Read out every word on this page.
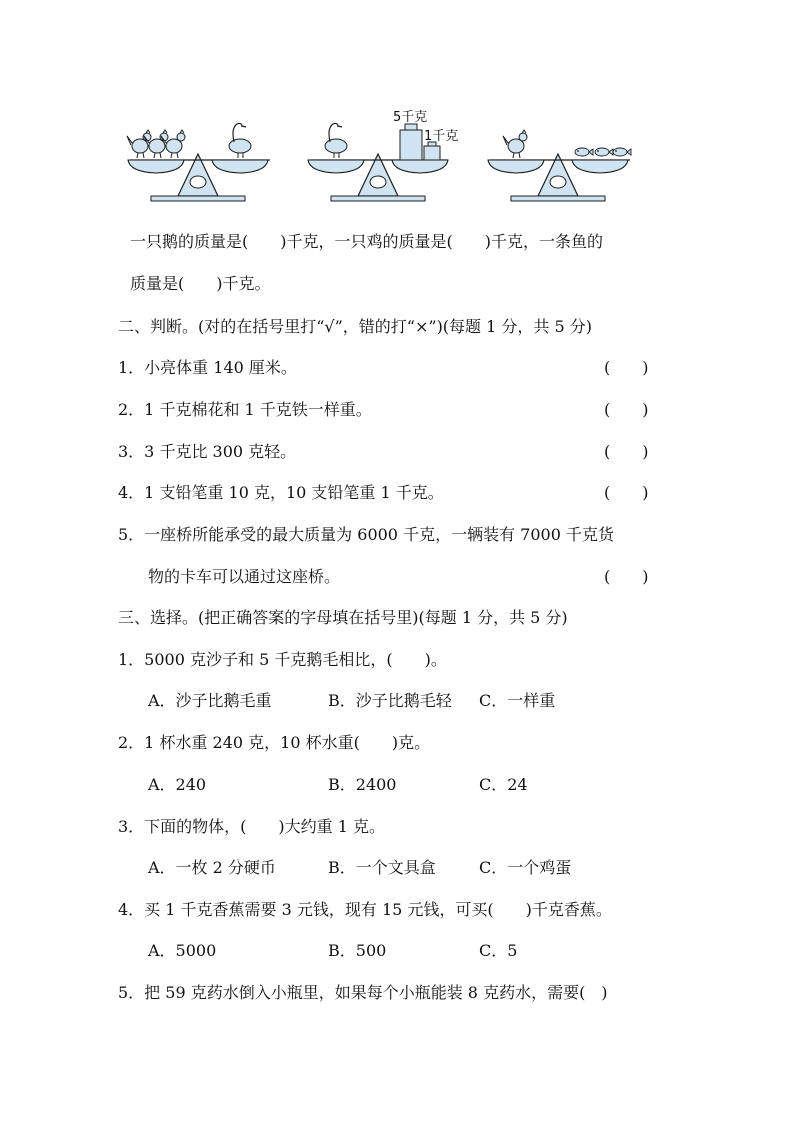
5千克
1千克
一只鹅的质量是(　　)千克，一只鸡的质量是(　　)千克，一条鱼的
质量是(　　)千克。
二、判断。(对的在括号里打“√”，错的打“×”)(每题 1 分，共 5 分)
1．小亮体重 140 厘米。	(　　)
2．1 千克棉花和 1 千克铁一样重。	(　　)
3．3 千克比 300 克轻。	(　　)
4．1 支铅笔重 10 克，10 支铅笔重 1 千克。	(　　)
5．一座桥所能承受的最大质量为 6000 千克，一辆装有 7000 千克货
物的卡车可以通过这座桥。	(　　)
三、选择。(把正确答案的字母填在括号里)(每题 1 分，共 5 分)
1．5000 克沙子和 5 千克鹅毛相比，(　　)。
A．沙子比鹅毛重	B．沙子比鹅毛轻 C．一样重
2．1 杯水重 240 克，10 杯水重(　　)克。
A．240	B．2400	C．24
3．下面的物体，(　　)大约重 1 克。
A．一枚 2 分硬币	B．一个文具盒	C．一个鸡蛋
4．买 1 千克香蕉需要 3 元钱，现有 15 元钱，可买(　　)千克香蕉。
A．5000	B．500	C．5
5．把 59 克药水倒入小瓶里，如果每个小瓶能装 8 克药水，需要(　)
